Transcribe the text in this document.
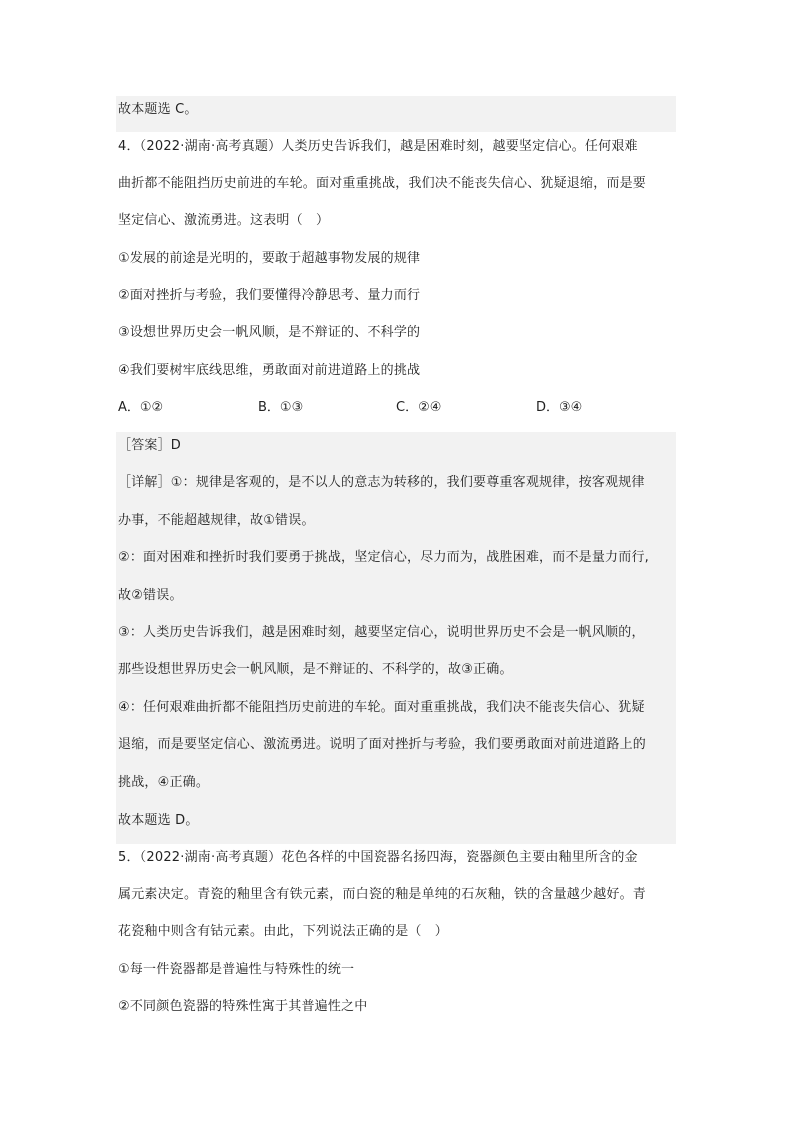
故本题选 C。
4．（2022·湖南·高考真题）人类历史告诉我们，越是困难时刻，越要坚定信心。任何艰难
曲折都不能阻挡历史前进的车轮。面对重重挑战，我们决不能丧失信心、犹疑退缩，而是要
坚定信心、激流勇进。这表明（　）
①发展的前途是光明的，要敢于超越事物发展的规律
②面对挫折与考验，我们要懂得冷静思考、量力而行
③设想世界历史会一帆风顺，是不辩证的、不科学的
④我们要树牢底线思维，勇敢面对前进道路上的挑战
A．①②	B．①③	C．②④	D．③④
［答案］D
［详解］①：规律是客观的，是不以人的意志为转移的，我们要尊重客观规律，按客观规律
办事，不能超越规律，故①错误。
②：面对困难和挫折时我们要勇于挑战，坚定信心，尽力而为，战胜困难，而不是量力而行,
故②错误。
③：人类历史告诉我们，越是困难时刻，越要坚定信心，说明世界历史不会是一帆风顺的，
那些设想世界历史会一帆风顺，是不辩证的、不科学的，故③正确。
④：任何艰难曲折都不能阻挡历史前进的车轮。面对重重挑战，我们决不能丧失信心、犹疑
退缩，而是要坚定信心、激流勇进。说明了面对挫折与考验，我们要勇敢面对前进道路上的
挑战，④正确。
故本题选 D。
5．（2022·湖南·高考真题）花色各样的中国瓷器名扬四海，瓷器颜色主要由釉里所含的金
属元素决定。青瓷的釉里含有铁元素，而白瓷的釉是单纯的石灰釉，铁的含量越少越好。青
花瓷釉中则含有钴元素。由此，下列说法正确的是（　）
①每一件瓷器都是普遍性与特殊性的统一
②不同颜色瓷器的特殊性寓于其普遍性之中
